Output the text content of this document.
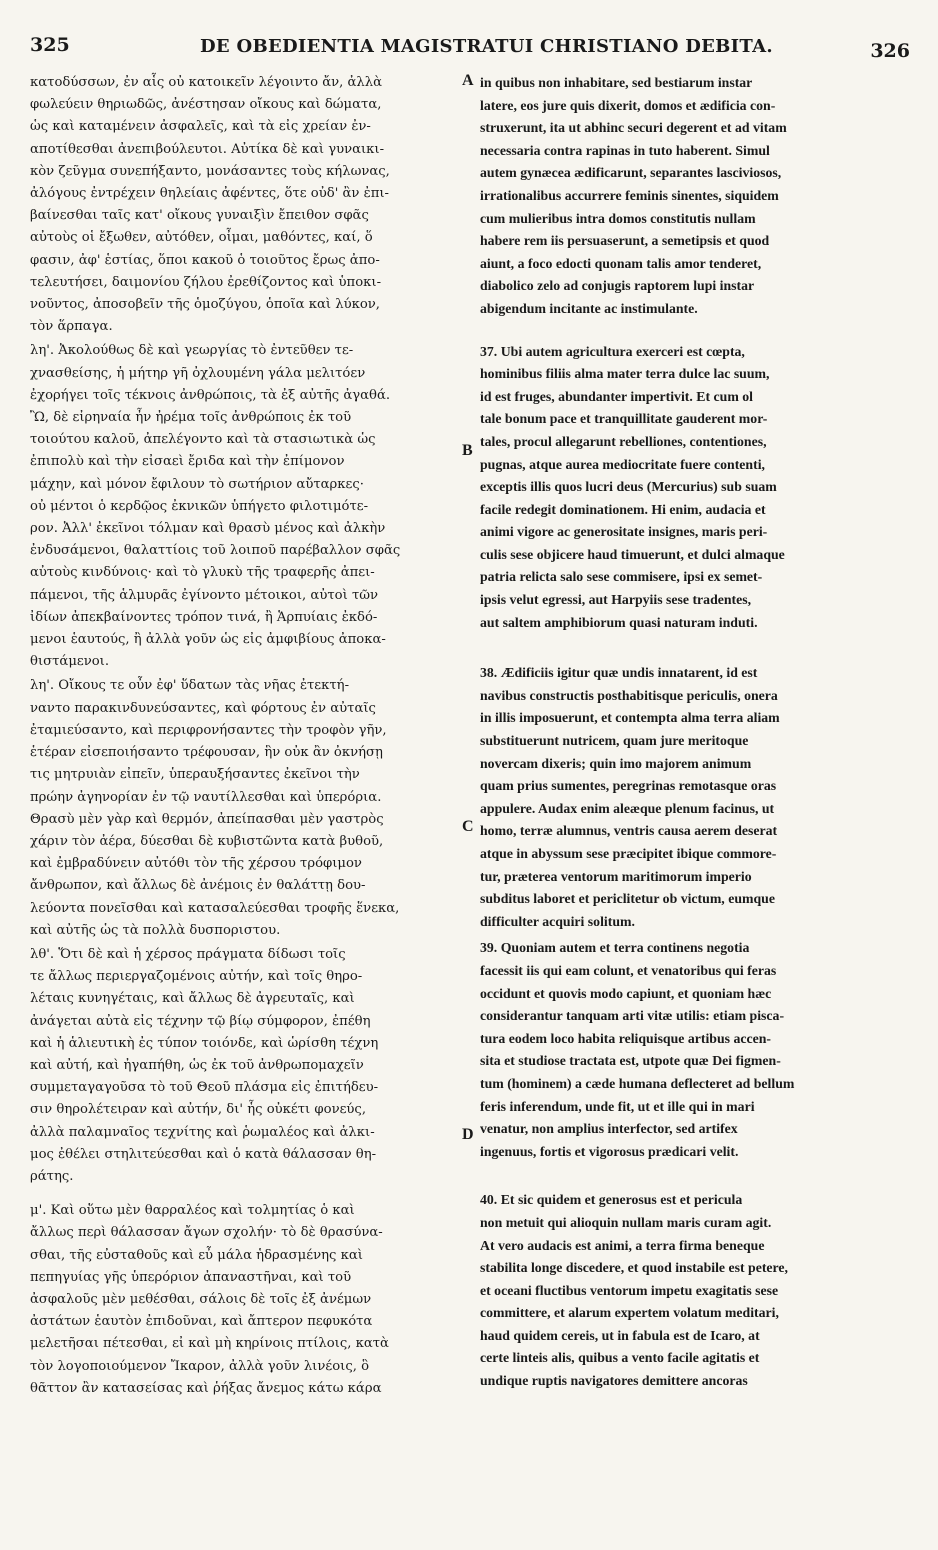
325	DE OBEDIENTIA MAGISTRATUI CHRISTIANO DEBITA.	326
κατοδύσσων, ἐν αἷς οὐ κατοικεῖν λέγοιντο ἄν, ἀλλὰ
φωλεύειν θηριωδῶς, ἀνέστησαν οἴκους καὶ δώματα,
ὡς καὶ καταμένειν ἀσφαλεῖς, καὶ τὰ εἰς χρείαν ἐν-
αποτίθεσθαι ἀνεπιβούλευτοι. Αὐτίκα δὲ καὶ γυναικι-
κὸν ζεῦγμα συνεπήξαντο, μονάσαντες τοὺς κήλωνας,
ἀλόγους ἐντρέχειν θηλείαις ἀφέντες, ὅτε οὐδ' ἂν ἐπι-
βαίνεσθαι ταῖς κατ' οἴκους γυναιξὶν ἔπειθον σφᾶς
αὐτοὺς οἱ ἔξωθεν, αὐτόθεν, οἶμαι, μαθόντες, καί, ὅ
φασιν, ἀφ' ἑστίας, ὅποι κακοῦ ὁ τοιοῦτος ἔρως ἀπο-
τελευτήσει, δαιμονίου ζήλου ἐρεθίζοντος καὶ ὑποκι-
νοῦντος, ἀποσοβεῖν τῆς ὁμοζύγου, ὁποῖα καὶ λύκον,
τὸν ἅρπαγα.
λη'. Ἀκολούθως δὲ καὶ γεωργίας τὸ ἐντεῦθεν τε-
χνασθείσης, ἡ μήτηρ γῆ ὀχλουμένη γάλα μελιτόεν
ἐχορήγει τοῖς τέκνοις ἀνθρώποις, τὰ ἐξ αὐτῆς ἀγαθά.
Ὢ, δὲ εἰρηναία ἦν ἠρέμα τοῖς ἀνθρώποις ἐκ τοῦ
τοιούτου καλοῦ, ἀπελέγοντο καὶ τὰ στασιωτικὰ ὡς
ἐπιπολὺ καὶ τὴν εἰσαεὶ ἔριδα καὶ τὴν ἐπίμονον
μάχην, καὶ μόνον ἔφιλουν τὸ σωτήριον αὔταρκες·
οὐ μέντοι ὁ κερδῷος ἐκνικῶν ὑπήγετο φιλοτιμότε-
ρον. Ἀλλ' ἐκεῖνοι τόλμαν καὶ θρασὺ μένος καὶ ἀλκὴν
ἐνδυσάμενοι, θαλαττίοις τοῦ λοιποῦ παρέβαλλον σφᾶς
αὐτοὺς κινδύνοις· καὶ τὸ γλυκὺ τῆς τραφερῆς ἀπει-
πάμενοι, τῆς ἁλμυρᾶς ἐγίνοντο μέτοικοι, αὐτοὶ τῶν
ἰδίων ἀπεκβαίνοντες τρόπον τινά, ἢ Ἁρπυίαις ἐκδό-
μενοι ἑαυτούς, ἢ ἀλλὰ γοῦν ὡς εἰς ἀμφιβίους ἀποκα-
θιστάμενοι.
λη'. Οἴκους τε οὖν ἐφ' ὕδατων τὰς νῆας ἐτεκτή-
ναντο παρακινδυνεύσαντες, καὶ φόρτους ἐν αὐταῖς
ἐταμιεύσαντο, καὶ περιφρονήσαντες τὴν τροφὸν γῆν,
ἑτέραν εἰσεποιήσαντο τρέφουσαν, ἣν οὐκ ἂν ὀκνήσῃ
τις μητρυιὰν εἰπεῖν, ὑπεραυξήσαντες ἐκεῖνοι τὴν
πρώην ἀγηνορίαν ἐν τῷ ναυτίλλεσθαι καὶ ὑπερόρια.
Θρασὺ μὲν γὰρ καὶ θερμόν, ἀπείπασθαι μὲν γαστρὸς
χάριν τὸν ἀέρα, δύεσθαι δὲ κυβιστῶντα κατὰ βυθοῦ,
καὶ ἐμβραδύνειν αὐτόθι τὸν τῆς χέρσου τρόφιμον
ἄνθρωπον, καὶ ἄλλως δὲ ἀνέμοις ἐν θαλάττῃ δου-
λεύοντα πονεῖσθαι καὶ κατασαλεύεσθαι τροφῆς ἕνεκα,
καὶ αὐτῆς ὡς τὰ πολλὰ δυσποριστου.
λθ'. Ὅτι δὲ καὶ ἡ χέρσος πράγματα δίδωσι τοῖς
τε ἄλλως περιεργαζομένοις αὐτήν, καὶ τοῖς θηρο-
λέταις κυνηγέταις, καὶ ἄλλως δὲ ἀγρευταῖς, καὶ
ἀνάγεται αὐτὰ εἰς τέχνην τῷ βίῳ σύμφορον, ἐπέθη
καὶ ἡ ἁλιευτικὴ ἐς τύπον τοιόνδε, καὶ ὡρίσθη τέχνη
καὶ αὐτή, καὶ ἠγαπήθη, ὡς ἐκ τοῦ ἀνθρωπομαχεῖν
συμμεταγαγοῦσα τὸ τοῦ Θεοῦ πλάσμα εἰς ἐπιτήδευ-
σιν θηρολέτειραν καὶ αὐτήν, δι' ἧς οὐκέτι φονεύς,
ἀλλὰ παλαμναῖος τεχνίτης καὶ ῥωμαλέος καὶ ἀλκι-
μος ἐθέλει στηλιτεύεσθαι καὶ ὁ κατὰ θάλασσαν θη-
ράτης.
μ'. Καὶ οὕτω μὲν θαρραλέος καὶ τολμητίας ὁ καὶ
ἄλλως περὶ θάλασσαν ἄγων σχολήν· τὸ δὲ θρασύνα-
σθαι, τῆς εὐσταθοῦς καὶ εὖ μάλα ἡδρασμένης καὶ
πεπηγυίας γῆς ὑπερόριον ἀπαναστῆναι, καὶ τοῦ
ἀσφαλοῦς μὲν μεθέσθαι, σάλοις δὲ τοῖς ἐξ ἀνέμων
ἀστάτων ἑαυτὸν ἐπιδοῦναι, καὶ ἄπτερον πεφυκότα
μελετῆσαι πέτεσθαι, εἰ καὶ μὴ κηρίνοις πτίλοις, κατὰ
τὸν λογοποιούμενον Ἴκαρον, ἀλλὰ γοῦν λινέοις, ὃ
θᾶττον ἂν κατασείσας καὶ ῥήξας ἄνεμος κάτω κάρα
in quibus non inhabitare, sed bestiarum instar
latere, eos jure quis dixerit, domos et ædificia con-
struxerunt, ita ut abhinc securi degerent et ad vitam
necessaria contra rapinas in tuto haberent. Simul
autem gynæcea ædificarunt, separantes lasciviosos,
irrationalibus accurrere feminis sinentes, siquidem
cum mulieribus intra domos constitutis nullam
habere rem iis persuaserunt, a semetipsis et quod
aiunt, a foco edocti quonam talis amor tenderet,
diabolico zelo ad conjugis raptorem lupi instar
abigendum incitante ac instimulante.
37. Ubi autem agricultura exerceri est cœpta,
hominibus filiis alma mater terra dulce lac suum,
id est fruges, abundanter impertivit. Et cum ol
tale bonum pace et tranquillitate gauderent mor-
tales, procul allegarunt rebelliones, contentiones,
pugnas, atque aurea mediocritate fuere contenti,
exceptis illis quos lucri deus (Mercurius) sub suam
facile redegit dominationem. Hi enim, audacia et
animi vigore ac generositate insignes, maris peri-
culis sese objicere haud timuerunt, et dulci almaque
patria relicta salo sese commisere, ipsi ex semet-
ipsis velut egressi, aut Harpyiis sese tradentes,
aut saltem amphibiorum quasi naturam induti.
38. Ædificiis igitur quæ undis innatarent, id est
navibus constructis posthabitisque periculis, onera
in illis imposuerunt, et contempta alma terra aliam
substituerunt nutricem, quam jure meritoque
novercam dixeris; quin imo majorem animum
quam prius sumentes, peregrinas remotasque oras
appulere. Audax enim aleæque plenum facinus, ut
homo, terræ alumnus, ventris causa aerem deserat
atque in abyssum sese præcipitet ibique commore-
tur, præterea ventorum maritimorum imperio
subditus laboret et periclitetur ob victum, eumque
difficulter acquiri solitum.
39. Quoniam autem et terra continens negotia
facessit iis qui eam colunt, et venatoribus qui feras
occidunt et quovis modo capiunt, et quoniam hæc
considerantur tanquam arti vitæ utilis: etiam pisca-
tura eodem loco habita reliquisque artibus accen-
sita et studiose tractata est, utpote quæ Dei figmen-
tum (hominem) a cæde humana deflecteret ad bellum
feris inferendum, unde fit, ut et ille qui in mari
venatur, non amplius interfector, sed artifex
ingenuus, fortis et vigorosus prædicari velit.
40. Et sic quidem et generosus est et pericula
non metuit qui alioquin nullam maris curam agit.
At vero audacis est animi, a terra firma beneque
stabilita longe discedere, et quod instabile est petere,
et oceani fluctibus ventorum impetu exagitatis sese
committere, et alarum expertem volatum meditari,
haud quidem cereis, ut in fabula est de Icaro, at
certe linteis alis, quibus a vento facile agitatis et
undique ruptis navigatores demittere ancoras
A
B
C
D
